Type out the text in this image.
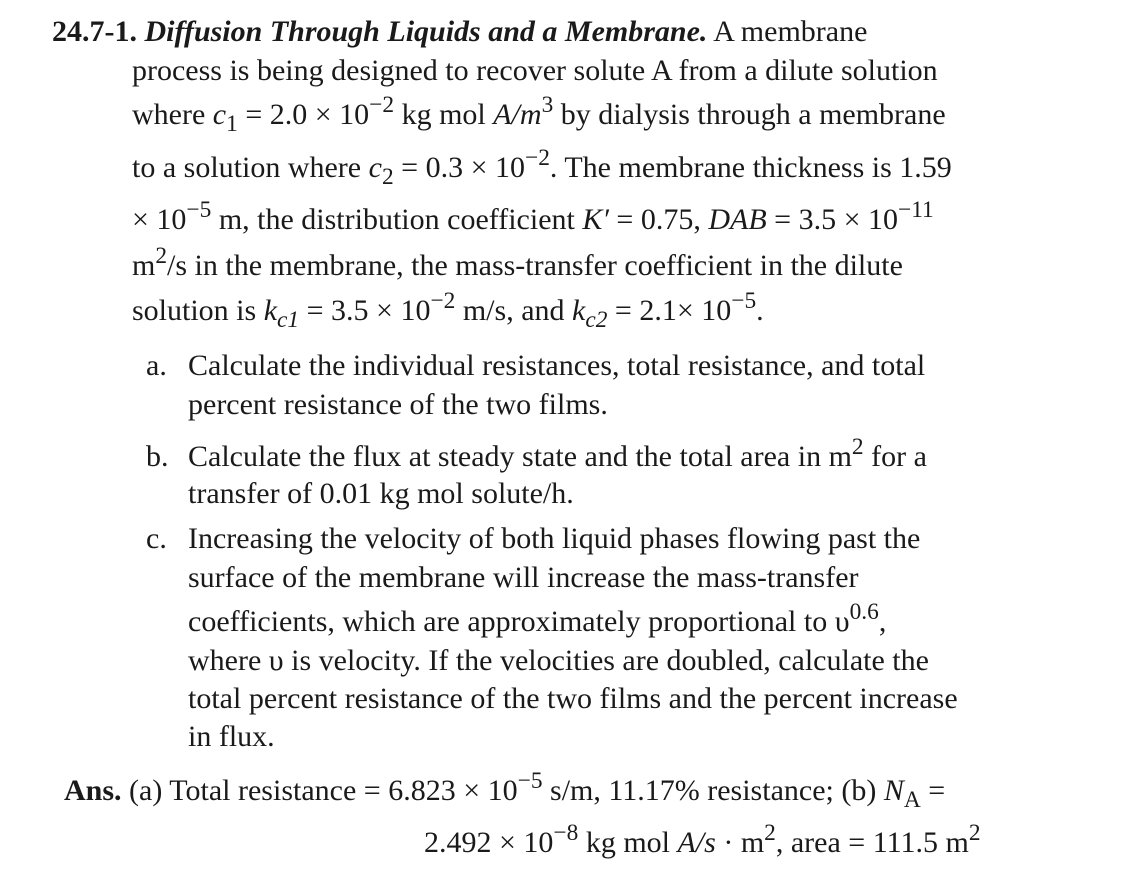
24.7-1. Diffusion Through Liquids and a Membrane. A membrane
process is being designed to recover solute A from a dilute solution
where $c_1 = 2.0 \times 10^{-2}$ kg mol $A/m^3$ by dialysis through a membrane
to a solution where $c_2 = 0.3 \times 10^{-2}$. The membrane thickness is 1.59
× $10^{-5}$ m, the distribution coefficient K′ = 0.75, DAB = $3.5 \times 10^{-11}$
$m^2/s$ in the membrane, the mass-transfer coefficient in the dilute
solution is $k_{c1} = 3.5 \times 10^{-2}$ m/s, and $k_{c2} = 2.1\times 10^{-5}$.
a. Calculate the individual resistances, total resistance, and total
percent resistance of the two films.
b. Calculate the flux at steady state and the total area in $m^2$ for a
transfer of 0.01 kg mol solute/h.
c. Increasing the velocity of both liquid phases flowing past the
surface of the membrane will increase the mass-transfer
coefficients, which are approximately proportional to $\upsilon^{0.6}$,
where υ is velocity. If the velocities are doubled, calculate the
total percent resistance of the two films and the percent increase
in flux.
Ans. (a) Total resistance = $6.823 \times 10^{-5}$ s/m, 11.17% resistance; (b) $N_A$ =
$2.492 \times 10^{-8}$ kg mol $A/s \cdot m^2$, area = 111.5 $m^2$
